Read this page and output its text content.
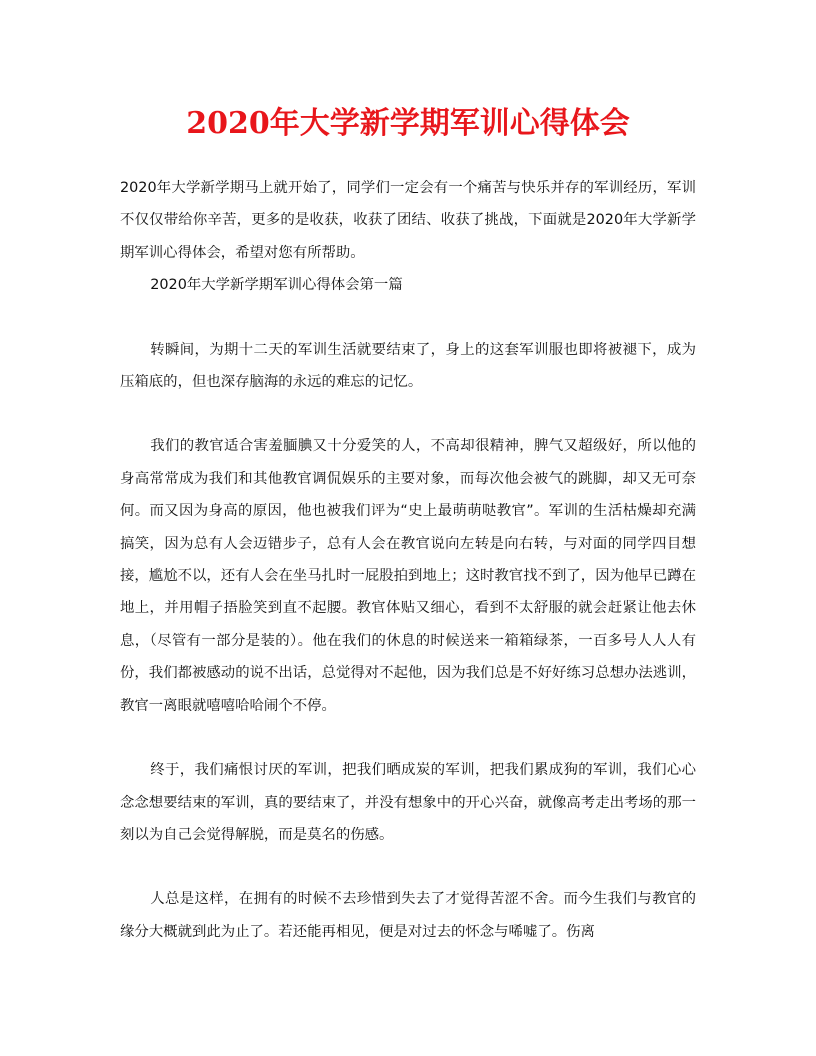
2020年大学新学期军训心得体会

2020年大学新学期马上就开始了，同学们一定会有一个痛苦与快乐并存的军训经历，军训不仅仅带给你辛苦，更多的是收获，收获了团结、收获了挑战，下面就是2020年大学新学期军训心得体会，希望对您有所帮助。

2020年大学新学期军训心得体会第一篇

转瞬间，为期十二天的军训生活就要结束了，身上的这套军训服也即将被褪下，成为压箱底的，但也深存脑海的永远的难忘的记忆。

我们的教官适合害羞腼腆又十分爱笑的人，不高却很精神，脾气又超级好，所以他的身高常常成为我们和其他教官调侃娱乐的主要对象，而每次他会被气的跳脚，却又无可奈何。而又因为身高的原因，他也被我们评为“史上最萌萌哒教官”。军训的生活枯燥却充满搞笑，因为总有人会迈错步子，总有人会在教官说向左转是向右转，与对面的同学四目想接，尴尬不以，还有人会在坐马扎时一屁股拍到地上；这时教官找不到了，因为他早已蹲在地上，并用帽子捂脸笑到直不起腰。教官体贴又细心，看到不太舒服的就会赶紧让他去休息，（尽管有一部分是装的）。他在我们的休息的时候送来一箱箱绿茶，一百多号人人人有份，我们都被感动的说不出话，总觉得对不起他，因为我们总是不好好练习总想办法逃训，教官一离眼就嘻嘻哈哈闹个不停。

终于，我们痛恨讨厌的军训，把我们晒成炭的军训，把我们累成狗的军训，我们心心念念想要结束的军训，真的要结束了，并没有想象中的开心兴奋，就像高考走出考场的那一刻以为自己会觉得解脱，而是莫名的伤感。

人总是这样，在拥有的时候不去珍惜到失去了才觉得苦涩不舍。而今生我们与教官的缘分大概就到此为止了。若还能再相见，便是对过去的怀念与唏嘘了。伤离
